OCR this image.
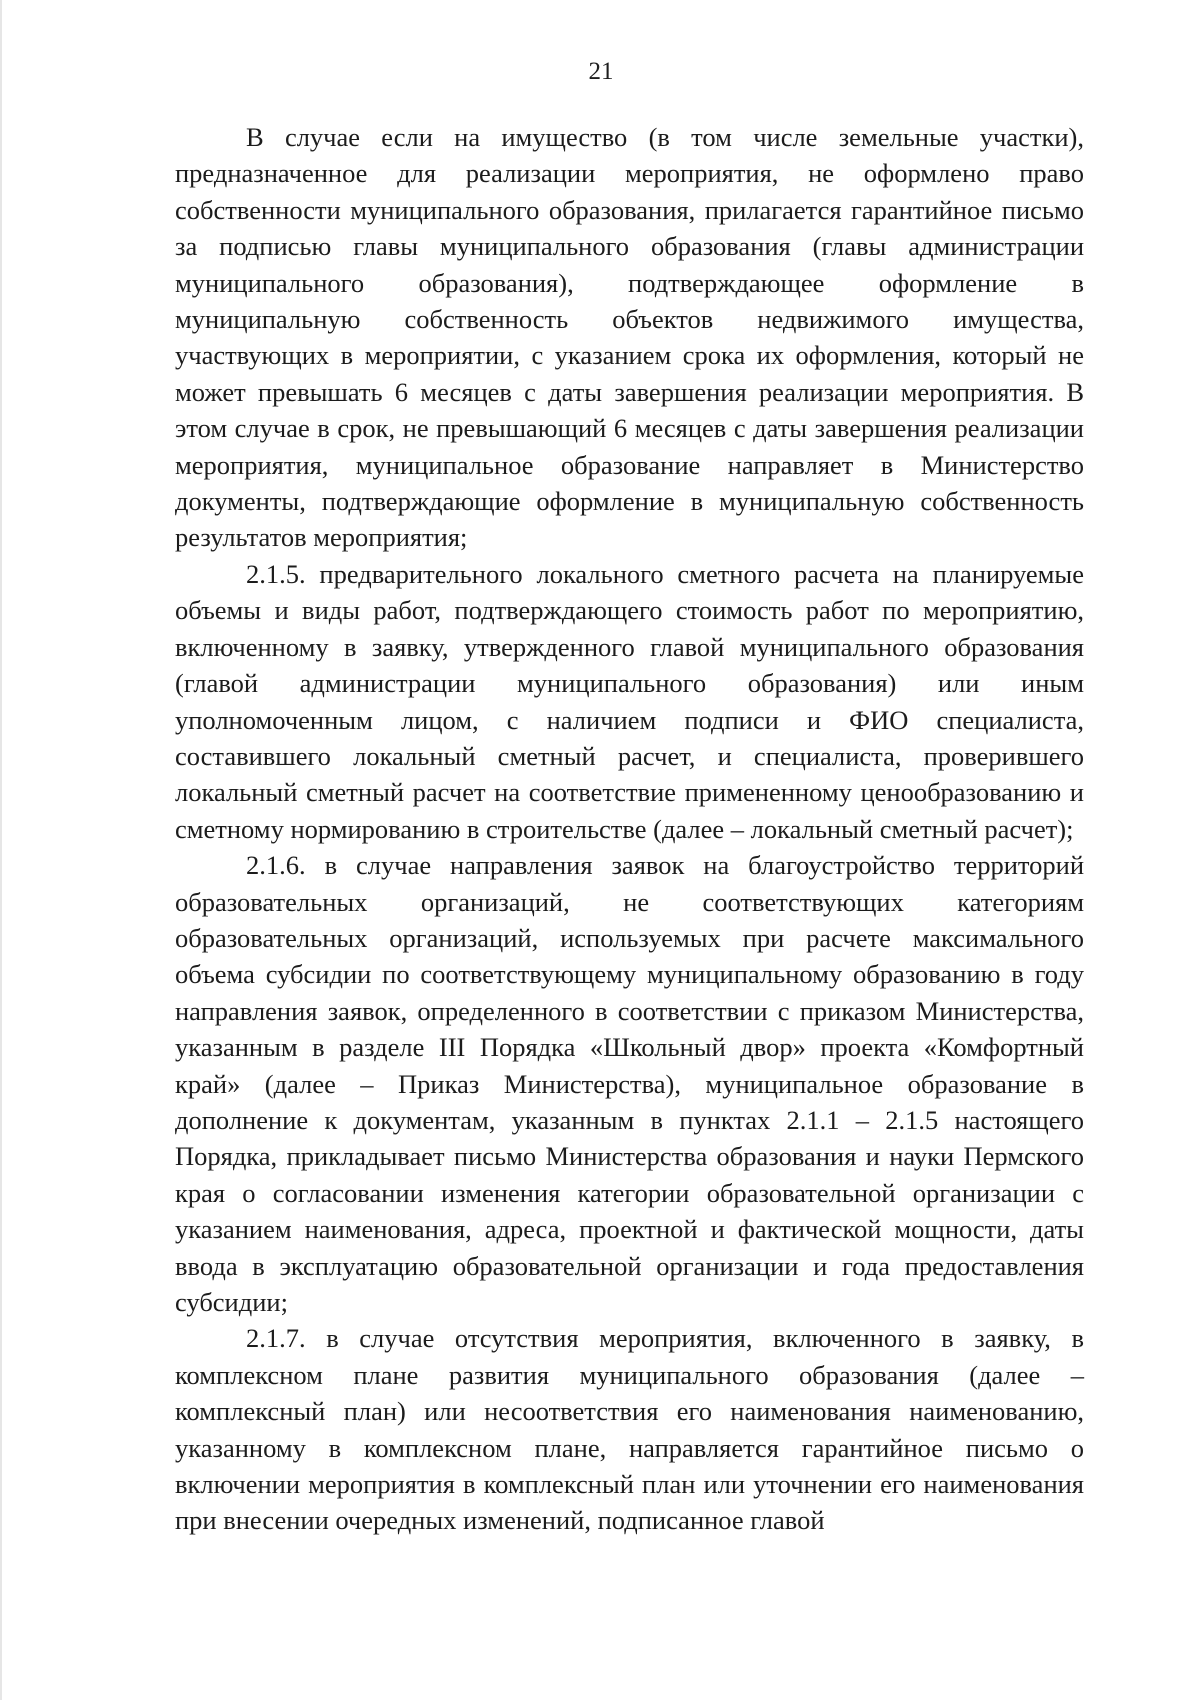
21

В случае если на имущество (в том числе земельные участки), предназначенное для реализации мероприятия, не оформлено право собственности муниципального образования, прилагается гарантийное письмо за подписью главы муниципального образования (главы администрации муниципального образования), подтверждающее оформление в муниципальную собственность объектов недвижимого имущества, участвующих в мероприятии, с указанием срока их оформления, который не может превышать 6 месяцев с даты завершения реализации мероприятия. В этом случае в срок, не превышающий 6 месяцев с даты завершения реализации мероприятия, муниципальное образование направляет в Министерство документы, подтверждающие оформление в муниципальную собственность результатов мероприятия;

2.1.5. предварительного локального сметного расчета на планируемые объемы и виды работ, подтверждающего стоимость работ по мероприятию, включенному в заявку, утвержденного главой муниципального образования (главой администрации муниципального образования) или иным уполномоченным лицом, с наличием подписи и ФИО специалиста, составившего локальный сметный расчет, и специалиста, проверившего локальный сметный расчет на соответствие примененному ценообразованию и сметному нормированию в строительстве (далее – локальный сметный расчет);

2.1.6. в случае направления заявок на благоустройство территорий образовательных организаций, не соответствующих категориям образовательных организаций, используемых при расчете максимального объема субсидии по соответствующему муниципальному образованию в году направления заявок, определенного в соответствии с приказом Министерства, указанным в разделе III Порядка «Школьный двор» проекта «Комфортный край» (далее – Приказ Министерства), муниципальное образование в дополнение к документам, указанным в пунктах 2.1.1 – 2.1.5 настоящего Порядка, прикладывает письмо Министерства образования и науки Пермского края о согласовании изменения категории образовательной организации с указанием наименования, адреса, проектной и фактической мощности, даты ввода в эксплуатацию образовательной организации и года предоставления субсидии;

2.1.7. в случае отсутствия мероприятия, включенного в заявку, в комплексном плане развития муниципального образования (далее – комплексный план) или несоответствия его наименования наименованию, указанному в комплексном плане, направляется гарантийное письмо о включении мероприятия в комплексный план или уточнении его наименования при внесении очередных изменений, подписанное главой
